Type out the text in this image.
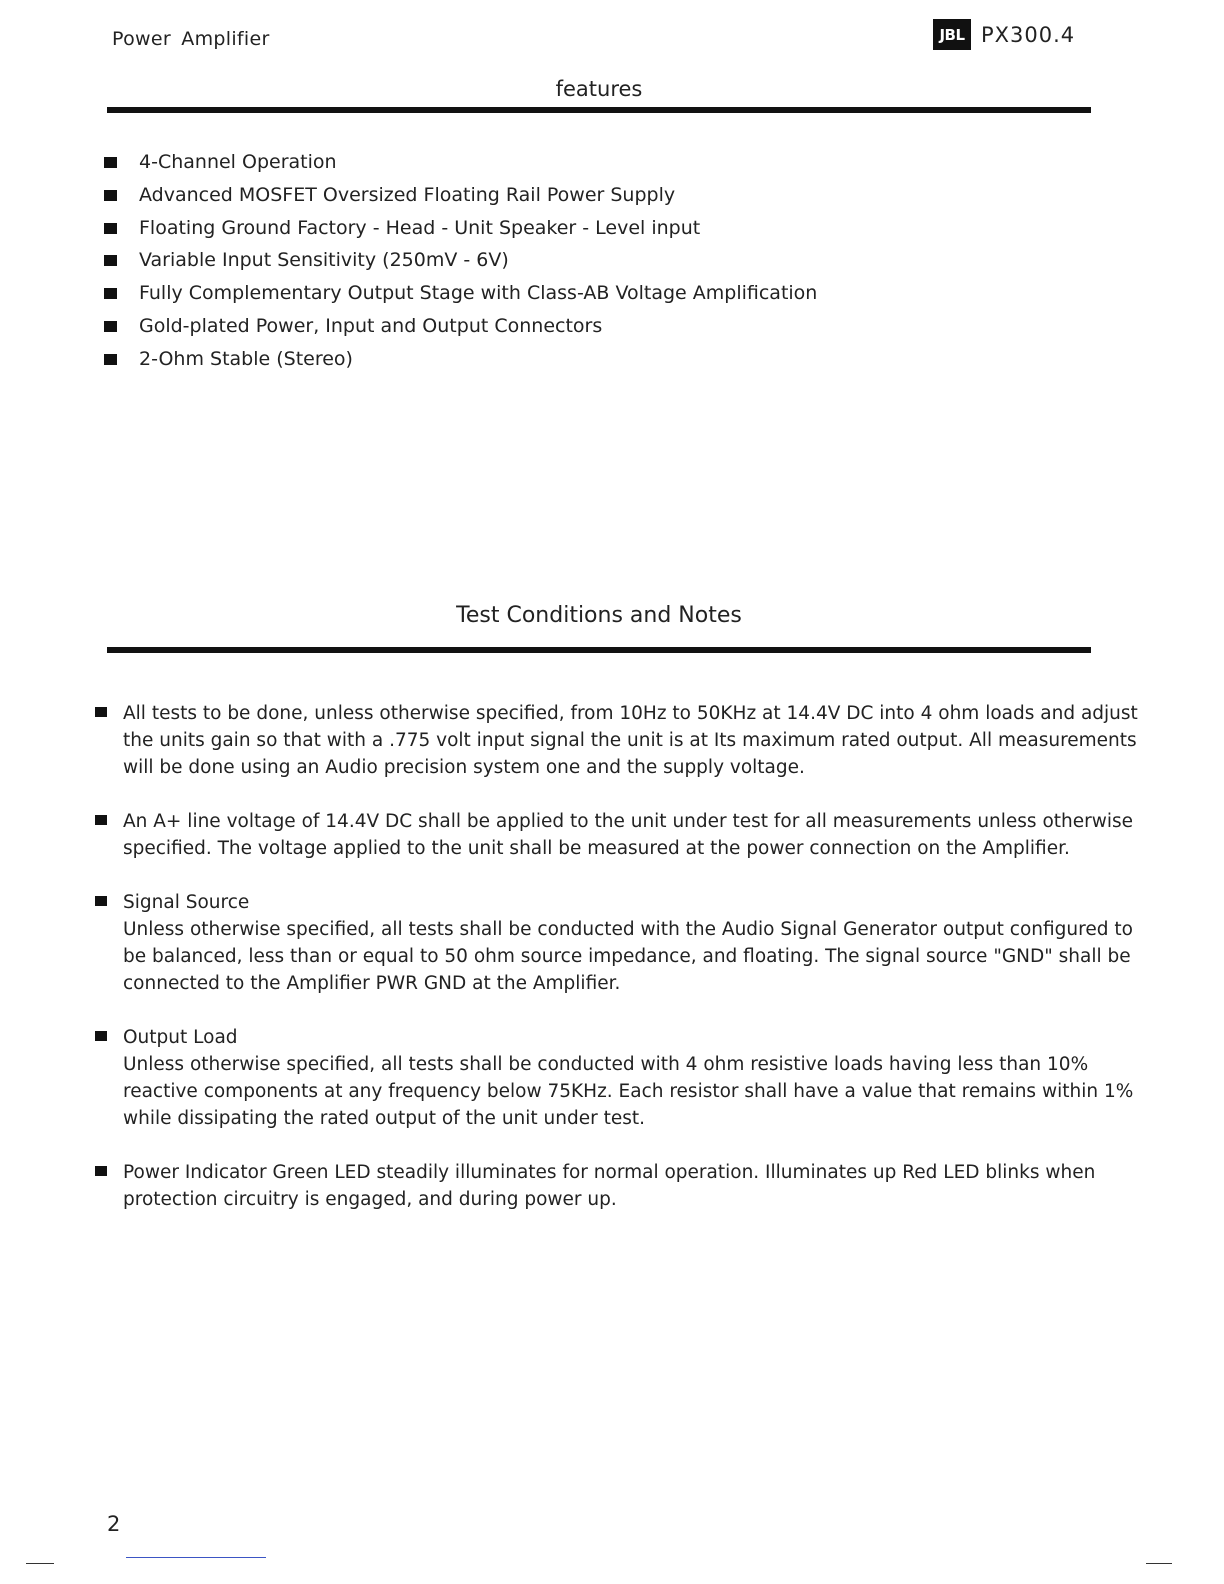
Power Amplifier	JBL PX300.4
features
4-Channel Operation
Advanced MOSFET Oversized Floating Rail Power Supply
Floating Ground Factory - Head - Unit Speaker - Level input
Variable Input Sensitivity (250mV - 6V)
Fully Complementary Output Stage with Class-AB Voltage Amplification
Gold-plated Power, Input and Output Connectors
2-Ohm Stable (Stereo)
Test Conditions and Notes
All tests to be done, unless otherwise specified, from 10Hz to 50KHz at 14.4V DC into 4 ohm loads and adjust
the units gain so that with a .775 volt input signal the unit is at Its maximum rated output. All measurements
will be done using an Audio precision system one and the supply voltage.
An A+ line voltage of 14.4V DC shall be applied to the unit under test for all measurements unless otherwise
specified. The voltage applied to the unit shall be measured at the power connection on the Amplifier.
Signal Source
Unless otherwise specified, all tests shall be conducted with the Audio Signal Generator output configured to
be balanced, less than or equal to 50 ohm source impedance, and floating. The signal source "GND" shall be
connected to the Amplifier PWR GND at the Amplifier.
Output Load
Unless otherwise specified, all tests shall be conducted with 4 ohm resistive loads having less than 10%
reactive components at any frequency below 75KHz. Each resistor shall have a value that remains within 1%
while dissipating the rated output of the unit under test.
Power Indicator Green LED steadily illuminates for normal operation. Illuminates up Red LED blinks when
protection circuitry is engaged, and during power up.
2
